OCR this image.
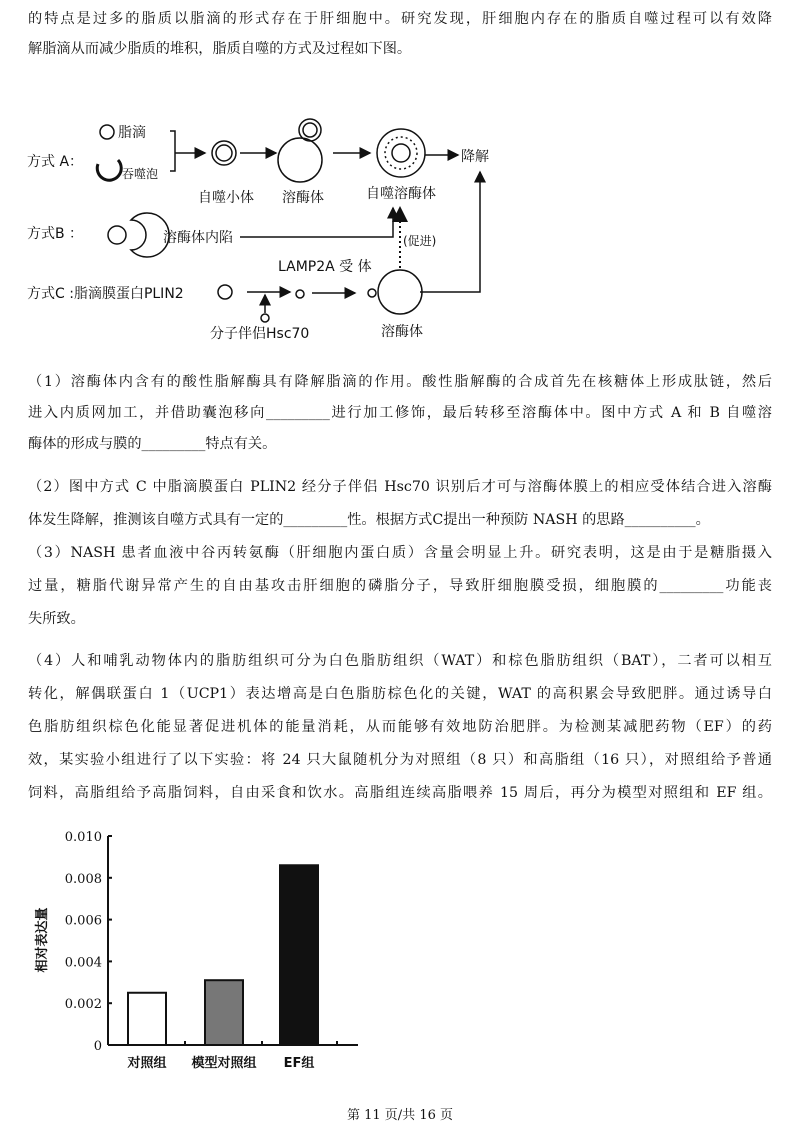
的特点是过多的脂质以脂滴的形式存在于肝细胞中。研究发现，肝细胞内存在的脂质自噬过程可以有效降
解脂滴从而减少脂质的堆积，脂质自噬的方式及过程如下图。
方式 A：
脂滴
吞噬泡
自噬小体 溶酶体	自噬溶酶体
降解
方式B ：	溶酶体内陷	(促进)
方式C :脂滴膜蛋白PLIN2
分子伴侣Hsc70
LAMP2A 受 体
溶酶体
（1）溶酶体内含有的酸性脂解酶具有降解脂滴的作用。酸性脂解酶的合成首先在核糖体上形成肽链，然后
进入内质网加工，并借助囊泡移向_________进行加工修饰，最后转移至溶酶体中。图中方式 A 和 B 自噬溶
酶体的形成与膜的_________特点有关。
（2）图中方式 C 中脂滴膜蛋白 PLIN2 经分子伴侣 Hsc70 识别后才可与溶酶体膜上的相应受体结合进入溶酶
体发生降解，推测该自噬方式具有一定的_________性。根据方式C提出一种预防 NASH 的思路__________。
（3）NASH 患者血液中谷丙转氨酶（肝细胞内蛋白质）含量会明显上升。研究表明，这是由于是糖脂摄入
过量，糖脂代谢异常产生的自由基攻击肝细胞的磷脂分子，导致肝细胞膜受损，细胞膜的_________功能丧
失所致。
（4）人和哺乳动物体内的脂肪组织可分为白色脂肪组织（WAT）和棕色脂肪组织（BAT），二者可以相互
转化，解偶联蛋白 1（UCP1）表达增高是白色脂肪棕色化的关键，WAT 的高积累会导致肥胖。通过诱导白
色脂肪组织棕色化能显著促进机体的能量消耗，从而能够有效地防治肥胖。为检测某减肥药物（EF）的药
效，某实验小组进行了以下实验：将 24 只大鼠随机分为对照组（8 只）和高脂组（16 只），对照组给予普通
饲料，高脂组给予高脂饲料，自由采食和饮水。高脂组连续高脂喂养 15 周后，再分为模型对照组和 EF 组。
0
0.002
0.004
0.006
0.008
0.010
相对表达量
对照组 模型对照组 EF组
第 11 页/共 16 页
